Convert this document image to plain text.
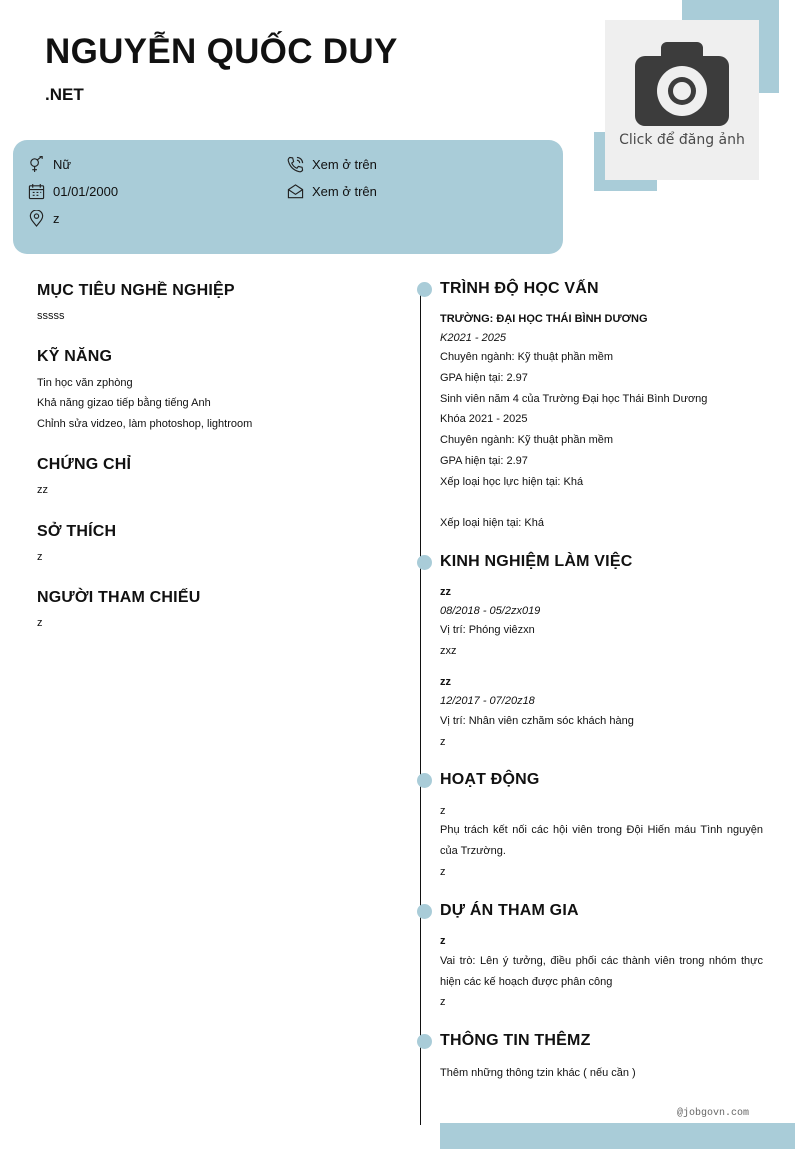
Click để đăng ảnh
NGUYỄN QUỐC DUY
.NET
Nữ
01/01/2000
z
Xem ở trên
Xem ở trên
MỤC TIÊU NGHỀ NGHIỆP
sssss
KỸ NĂNG
Tin học văn zphòng
Khả năng gizao tiếp bằng tiếng Anh
Chỉnh sửa vidzeo, làm photoshop, lightroom
CHỨNG CHỈ
zz
SỞ THÍCH
z
NGƯỜI THAM CHIẾU
z
TRÌNH ĐỘ HỌC VẤN
TRƯỜNG: ĐẠI HỌC THÁI BÌNH DƯƠNG
K2021 - 2025
Chuyên ngành: Kỹ thuật phần mềm
GPA hiện tại: 2.97
Sinh viên năm 4 của Trường Đại học Thái Bình Dương
Khóa 2021 - 2025
Chuyên ngành: Kỹ thuật phần mềm
GPA hiện tại: 2.97
Xếp loại học lực hiện tại: Khá
Xếp loại hiện tại: Khá
KINH NGHIỆM LÀM VIỆC
zz
08/2018 - 05/2zx019
Vị trí: Phóng viêzxn
zxz
zz
12/2017 - 07/20z18
Vị trí: Nhân viên czhăm sóc khách hàng
z
HOẠT ĐỘNG
z
Phụ trách kết nối các hội viên trong Đội Hiến máu Tình nguyện
của Trzường.
z
DỰ ÁN THAM GIA
z
Vai trò: Lên ý tưởng, điều phối các thành viên trong nhóm thực
hiện các kế hoạch được phân công
z
THÔNG TIN THÊMZ
Thêm những thông tzin khác ( nếu cần )
@jobgovn.com
